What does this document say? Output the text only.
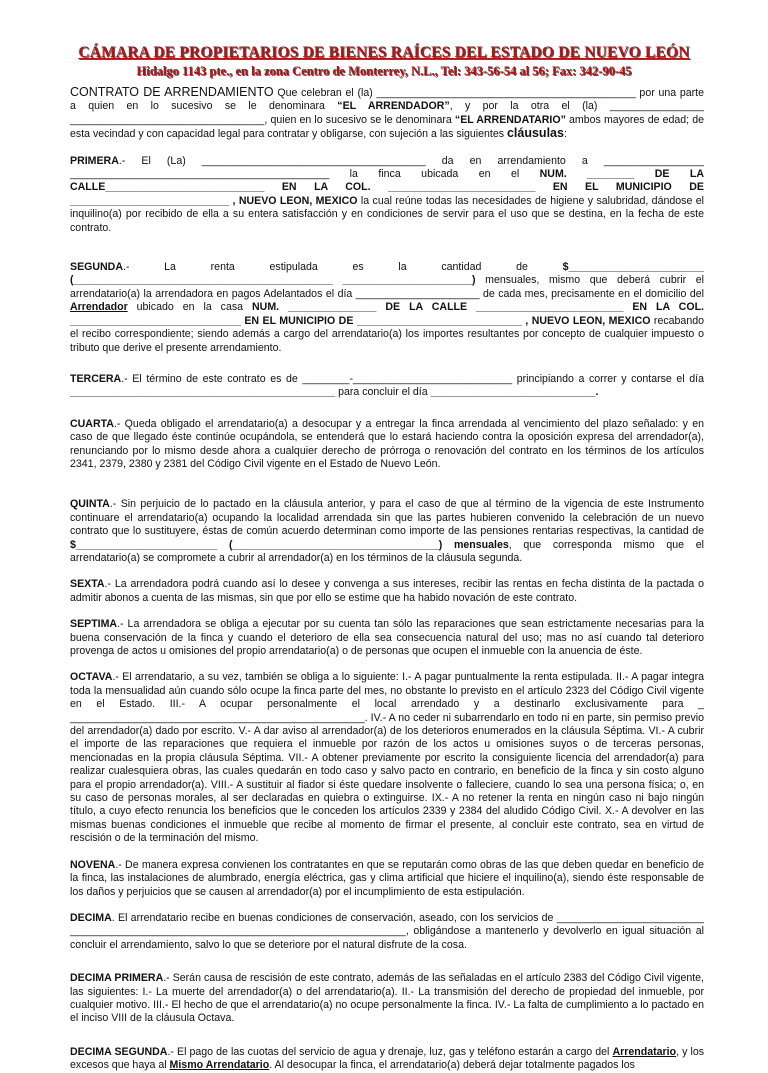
CÁMARA DE PROPIETARIOS DE BIENES RAÍCES DEL ESTADO DE NUEVO LEÓN
Hidalgo 1143 pte., en la zona Centro de Monterrey, N.L., Tel: 343-56-54 al 56; Fax: 342-90-45

CONTRATO DE ARRENDAMIENTO Que celebran el (la) ____________________________________________ por una parte a quien en lo sucesivo se le denominara “EL ARRENDADOR”, y por la otra el (la) ________________ _________________________________, quien en lo sucesivo se le denominara “EL ARRENDATARIO” ambos mayores de edad; de esta vecindad y con capacidad legal para contratar y obligarse, con sujeción a las siguientes cláusulas:

PRIMERA.- El (La) ______________________________________ da en arrendamiento a _________________ ____________________________________________ la finca ubicada en el NUM. ________ DE LA CALLE___________________________ EN LA COL. _________________________ EN EL MUNICIPIO DE ___________________________ , NUEVO LEON, MEXICO la cual reúne todas las necesidades de higiene y salubridad, dándose el inquilino(a) por recibido de ella a su entera satisfacción y en condiciones de servir para el uso que se destina, en la fecha de este contrato.

SEGUNDA.- La renta estipulada es la cantidad de $_______________________ (____________________________________________ ______________________) mensuales, mismo que deberá cubrir el arrendatario(a) la arrendadora en pagos Adelantados el día _____________________ de cada mes, precisamente en el domicilio del Arrendador ubicado en la casa NUM. _______________ DE LA CALLE _________________________ EN LA COL. _____________________________ EN EL MUNICIPIO DE ____________________________ , NUEVO LEON, MEXICO recabando el recibo correspondiente; siendo además a cargo del arrendatario(a) los importes resultantes por concepto de cualquier impuesto o tributo que derive el presente arrendamiento.

TERCERA.- El término de este contrato es de ________-___________________________ principiando a correr y contarse el día _____________________________________________ para concluir el día ____________________________.

CUARTA.- Queda obligado el arrendatario(a) a desocupar y a entregar la finca arrendada al vencimiento del plazo señalado: y en caso de que llegado éste continúe ocupándola, se entenderá que lo estará haciendo contra la oposición expresa del arrendador(a), renunciando por lo mismo desde ahora a cualquier derecho de prórroga o renovación del contrato en los términos de los artículos 2341, 2379, 2380 y 2381 del Código Civil vigente en el Estado de Nuevo León.

QUINTA.- Sin perjuicio de lo pactado en la cláusula anterior, y para el caso de que al término de la vigencia de este Instrumento continuare el arrendatario(a) ocupando la localidad arrendada sin que las partes hubieren convenido la celebración de un nuevo contrato que lo sustituyere, éstas de común acuerdo determinan como importe de las pensiones rentarias respectivas, la cantidad de $________________________ (___________________________________) mensuales, que corresponda mismo que el arrendatario(a) se compromete a cubrir al arrendador(a) en los términos de la cláusula segunda.

SEXTA.- La arrendadora podrá cuando así lo desee y convenga a sus intereses, recibir las rentas en fecha distinta de la pactada o admitir abonos a cuenta de las mismas, sin que por ello se estime que ha habido novación de este contrato.

SEPTIMA.- La arrendadora se obliga a ejecutar por su cuenta tan sólo las reparaciones que sean estrictamente necesarias para la buena conservación de la finca y cuando el deterioro de ella sea consecuencia natural del uso; mas no así cuando tal deterioro provenga de actos u omisiones del propio arrendatario(a) o de personas que ocupen el inmueble con la anuencia de éste.

OCTAVA.- El arrendatario, a su vez, también se obliga a lo siguiente: I.- A pagar puntualmente la renta estipulada. II.- A pagar integra toda la mensualidad aún cuando sólo ocupe la finca parte del mes, no obstante lo previsto en el artículo 2323 del Código Civil vigente en el Estado. III.- A ocupar personalmente el local arrendado y a destinarlo exclusivamente para _ __________________________________________________. IV.- A no ceder ni subarrendarlo en todo ni en parte, sin permiso previo del arrendador(a) dado por escrito. V.- A dar aviso al arrendador(a) de los deterioros enumerados en la cláusula Séptima. VI.- A cubrir el importe de las reparaciones que requiera el inmueble por razón de los actos u omisiones suyos o de terceras personas, mencionadas en la propia cláusula Séptima. VII.- A obtener previamente por escrito la consiguiente licencia del arrendador(a) para realizar cualesquiera obras, las cuales quedarán en todo caso y salvo pacto en contrario, en beneficio de la finca y sin costo alguno para el propio arrendador(a). VIII.- A sustituir al fiador si éste quedare insolvente o falleciere, cuando lo sea una persona física; o, en su caso de personas morales, al ser declaradas en quiebra o extinguirse. IX.- A no retener la renta en ningún caso ni bajo ningún título, a cuyo efecto renuncia los beneficios que le conceden los artículos 2339 y 2384 del aludido Código Civil. X.- A devolver en las mismas buenas condiciones el inmueble que recibe al momento de firmar el presente, al concluir este contrato, sea en virtud de rescisión o de la terminación del mismo.

NOVENA.- De manera expresa convienen los contratantes en que se reputarán como obras de las que deben quedar en beneficio de la finca, las instalaciones de alumbrado, energía eléctrica, gas y clima artificial que hiciere el inquilino(a), siendo éste responsable de los daños y perjuicios que se causen al arrendador(a) por el incumplimiento de esta estipulación.

DECIMA. El arrendatario recibe en buenas condiciones de conservación, aseado, con los servicios de _________________________ _________________________________________________________, obligándose a mantenerlo y devolverlo en igual situación al concluir el arrendamiento, salvo lo que se deteriore por el natural disfrute de la cosa.

DECIMA PRIMERA.- Serán causa de rescisión de este contrato, además de las señaladas en el artículo 2383 del Código Civil vigente, las siguientes: I.- La muerte del arrendador(a) o del arrendatario(a). II.- La transmisión del derecho de propiedad del inmueble, por cualquier motivo. III.- El hecho de que el arrendatario(a) no ocupe personalmente la finca. IV.- La falta de cumplimiento a lo pactado en el inciso VIII de la cláusula Octava.

DECIMA SEGUNDA.- El pago de las cuotas del servicio de agua y drenaje, luz, gas y teléfono estarán a cargo del Arrendatario, y los excesos que haya al Mismo Arrendatario. Al desocupar la finca, el arrendatario(a) deberá dejar totalmente pagados los
